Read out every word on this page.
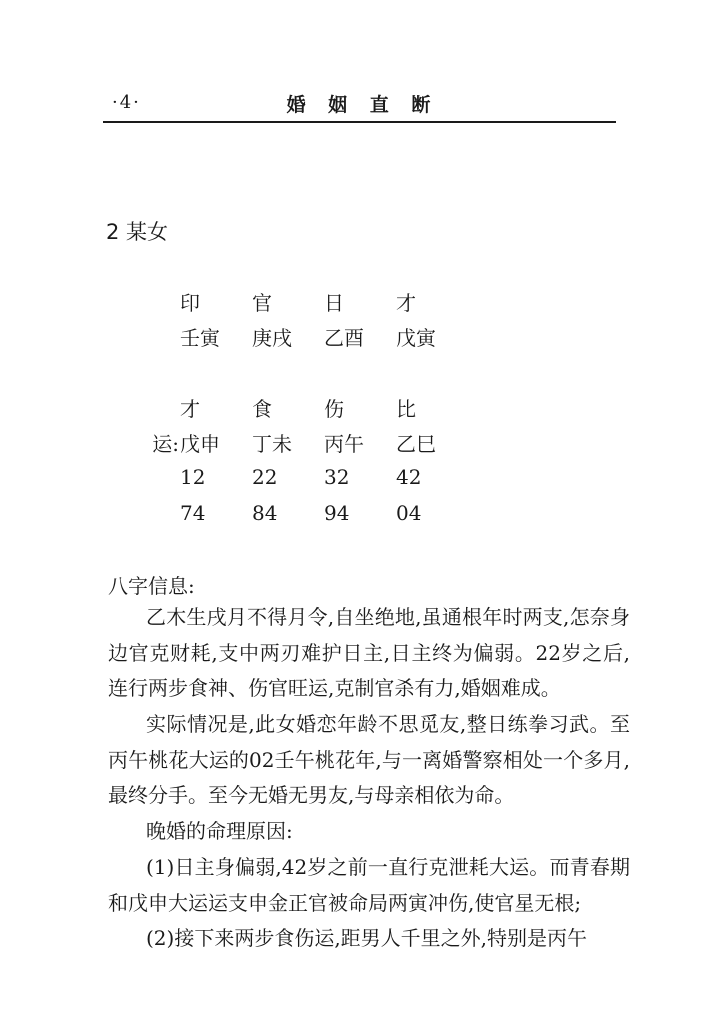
·4·	婚 姻 直 断
2 某女
印	官	日	才
壬寅 庚戌 乙酉 戊寅
才	食	伤	比
运: 戊申 丁未 丙午 乙巳
12 22 32 42
74 84 94 04
八字信息:
乙木生戌月不得月令,自坐绝地,虽通根年时两支,怎奈身边官克财耗,支中两刃难护日主,日主终为偏弱。22岁之后,连行两步食神、伤官旺运,克制官杀有力,婚姻难成。
实际情况是,此女婚恋年龄不思觅友,整日练拳习武。至丙午桃花大运的02壬午桃花年,与一离婚警察相处一个多月,最终分手。至今无婚无男友,与母亲相依为命。
晚婚的命理原因:
(1)日主身偏弱,42岁之前一直行克泄耗大运。而青春期和戊申大运运支申金正官被命局两寅冲伤,使官星无根;
(2)接下来两步食伤运,距男人千里之外,特别是丙午
